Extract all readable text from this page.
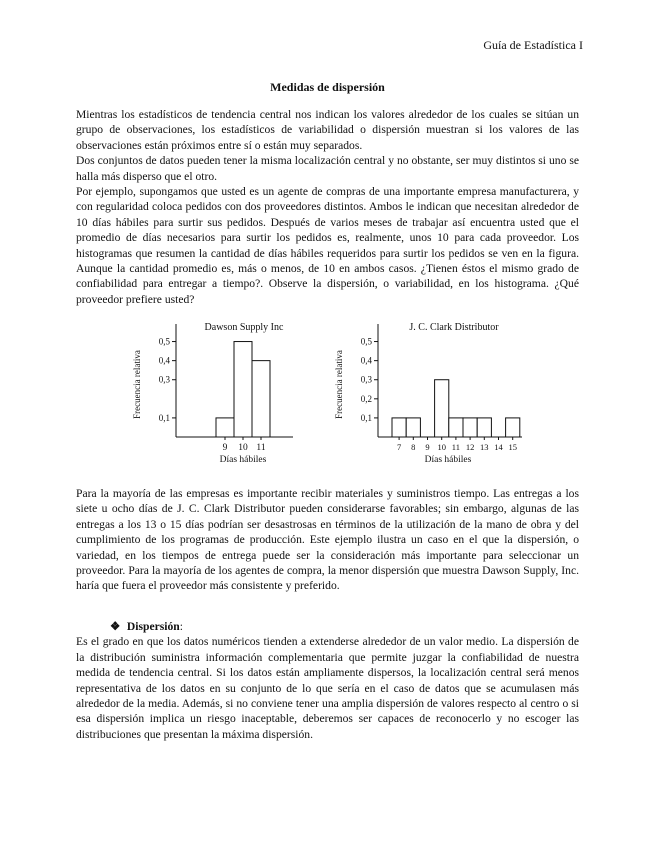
Guía de Estadística I
Medidas de dispersión

Mientras los estadísticos de tendencia central nos indican los valores alrededor de los cuales se sitúan un grupo de observaciones, los estadísticos de variabilidad o dispersión muestran si los valores de las observaciones están próximos entre sí o están muy separados.

Dos conjuntos de datos pueden tener la misma localización central y no obstante, ser muy distintos si uno se halla más disperso que el otro.

Por ejemplo, supongamos que usted es un agente de compras de una importante empresa manufacturera, y con regularidad coloca pedidos con dos proveedores distintos. Ambos le indican que necesitan alrededor de 10 días hábiles para surtir sus pedidos. Después de varios meses de trabajar así encuentra usted que el promedio de días necesarios para surtir los pedidos es, realmente, unos 10 para cada proveedor. Los histogramas que resumen la cantidad de días hábiles requeridos para surtir los pedidos se ven en la figura. Aunque la cantidad promedio es, más o menos, de 10 en ambos casos. ¿Tienen éstos el mismo grado de confiabilidad para entregar a tiempo?. Observe la dispersión, o variabilidad, en los histograma. ¿Qué proveedor prefiere usted?

0,1
0,3
0,4
0,5
9 10 11
Dawson Supply Inc
Días hábiles
Frecuencia relativa	0,1
0,2
0,3
0,4
0,5
7 8 9 10 11 12 13 14 15
J. C. Clark Distributor
Días hábiles
Frecuencia relativa

Para la mayoría de las empresas es importante recibir materiales y suministros tiempo. Las entregas a los siete u ocho días de J. C. Clark Distributor pueden considerarse favorables; sin embargo, algunas de las entregas a los 13 o 15 días podrían ser desastrosas en términos de la utilización de la mano de obra y del cumplimiento de los programas de producción. Este ejemplo ilustra un caso en el que la dispersión, o variedad, en los tiempos de entrega puede ser la consideración más importante para seleccionar un proveedor. Para la mayoría de los agentes de compra, la menor dispersión que muestra Dawson Supply, Inc. haría que fuera el proveedor más consistente y preferido.

❖ Dispersión:

Es el grado en que los datos numéricos tienden a extenderse alrededor de un valor medio. La dispersión de la distribución suministra información complementaria que permite juzgar la confiabilidad de nuestra medida de tendencia central. Si los datos están ampliamente dispersos, la localización central será menos representativa de los datos en su conjunto de lo que sería en el caso de datos que se acumulasen más alrededor de la media. Además, si no conviene tener una amplia dispersión de valores respecto al centro o si esa dispersión implica un riesgo inaceptable, deberemos ser capaces de reconocerlo y no escoger las distribuciones que presentan la máxima dispersión.
